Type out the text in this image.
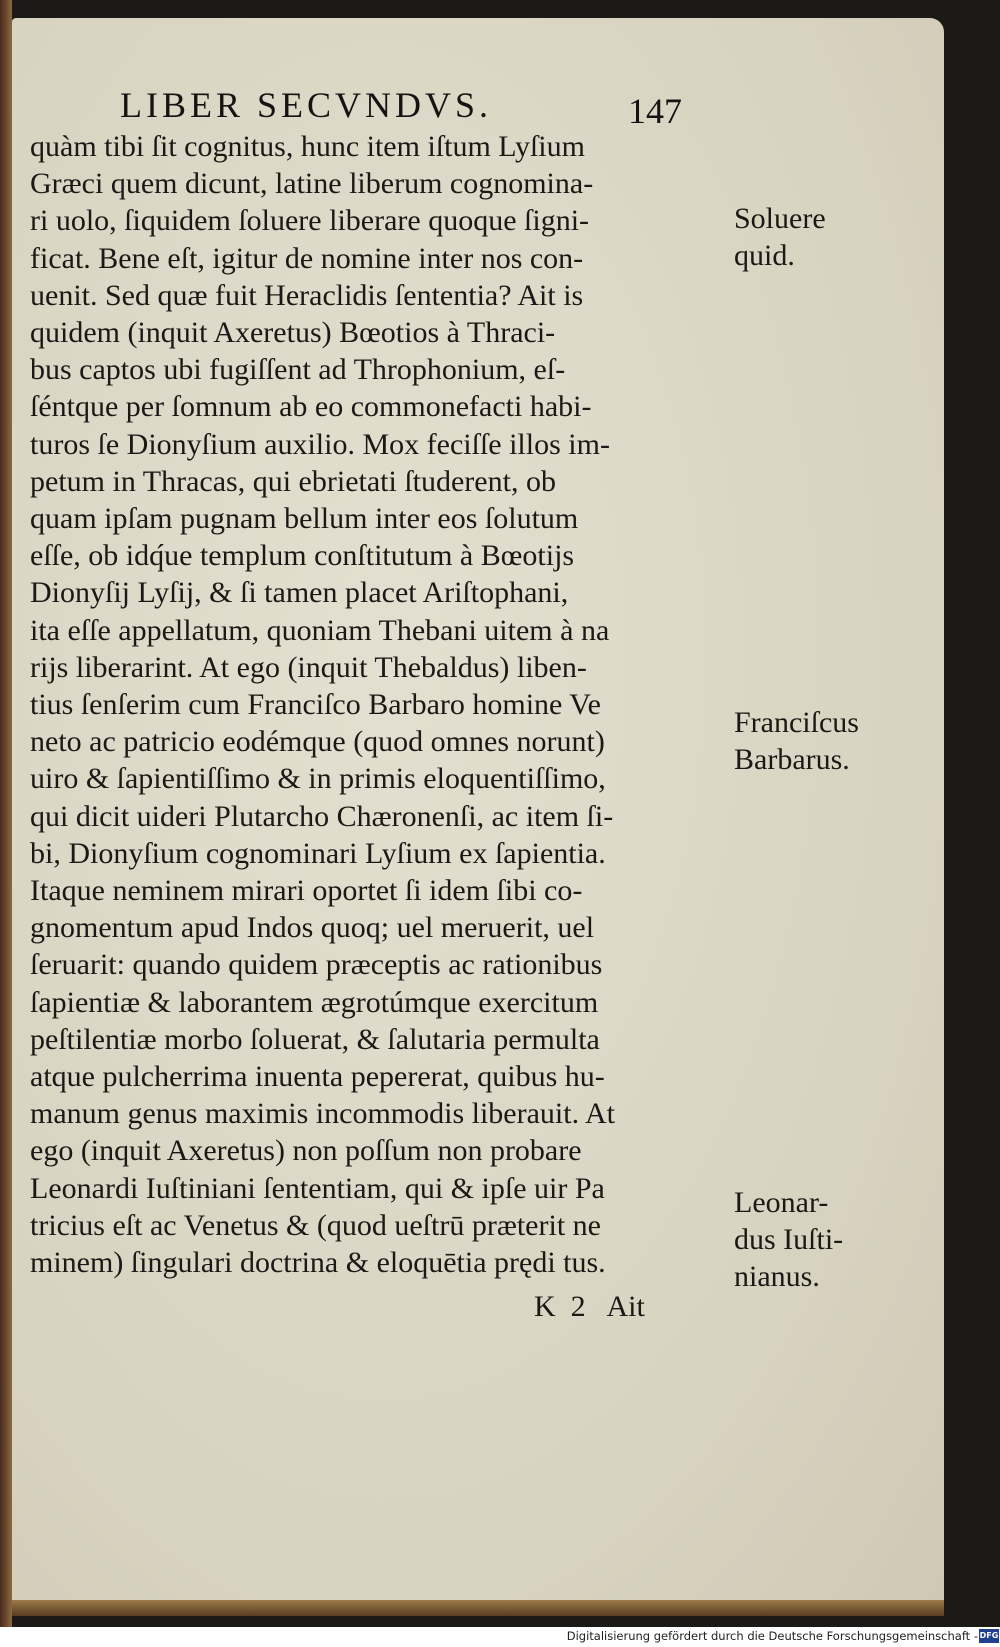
LIBER SECVNDVS.	147
quàm tibi ſit cognitus, hunc item iſtum Lyſium
Græci quem dicunt, latine liberum cognomina-
ri uolo, ſiquidem ſoluere liberare quoque ſigni-
ficat. Bene eſt, igitur de nomine inter nos con-
uenit. Sed quæ fuit Heraclidis ſententia? Ait is
quidem (inquit Axeretus) Bœotios à Thraci-
bus captos ubi fugiſſent ad Throphonium, eſ-
ſéntque per ſomnum ab eo commonefacti habi-
turos ſe Dionyſium auxilio. Mox feciſſe illos im-
petum in Thracas, qui ebrietati ſtuderent, ob
quam ipſam pugnam bellum inter eos ſolutum
eſſe, ob idq́ue templum conſtitutum à Bœotijs
Dionyſij Lyſij, & ſi tamen placet Ariſtophani,
ita eſſe appellatum, quoniam Thebani uitem à na
rijs liberarint. At ego (inquit Thebaldus) liben-
tius ſenſerim cum Franciſco Barbaro homine Ve
neto ac patricio eodémque (quod omnes norunt)
uiro & ſapientiſſimo & in primis eloquentiſſimo,
qui dicit uideri Plutarcho Chæronenſi, ac item ſi-
bi, Dionyſium cognominari Lyſium ex ſapientia.
Itaque neminem mirari oportet ſi idem ſibi co-
gnomentum apud Indos quoq; uel meruerit, uel
ſeruarit: quando quidem præceptis ac rationibus
ſapientiæ & laborantem ægrotúmque exercitum
peſtilentiæ morbo ſoluerat, & ſalutaria permulta
atque pulcherrima inuenta pepererat, quibus hu-
manum genus maximis incommodis liberauit. At
ego (inquit Axeretus) non poſſum non probare
Leonardi Iuſtiniani ſententiam, qui & ipſe uir Pa
tricius eſt ac Venetus & (quod ueſtrū præterit ne
minem) ſingulari doctrina & eloquētia prędi tus.
K  2   Ait
Soluere
quid.
Franciſcus
Barbarus.
Leonar-
dus Iuſti-
nianus.
Digitalisierung gefördert durch die Deutsche Forschungsgemeinschaft - DFG
